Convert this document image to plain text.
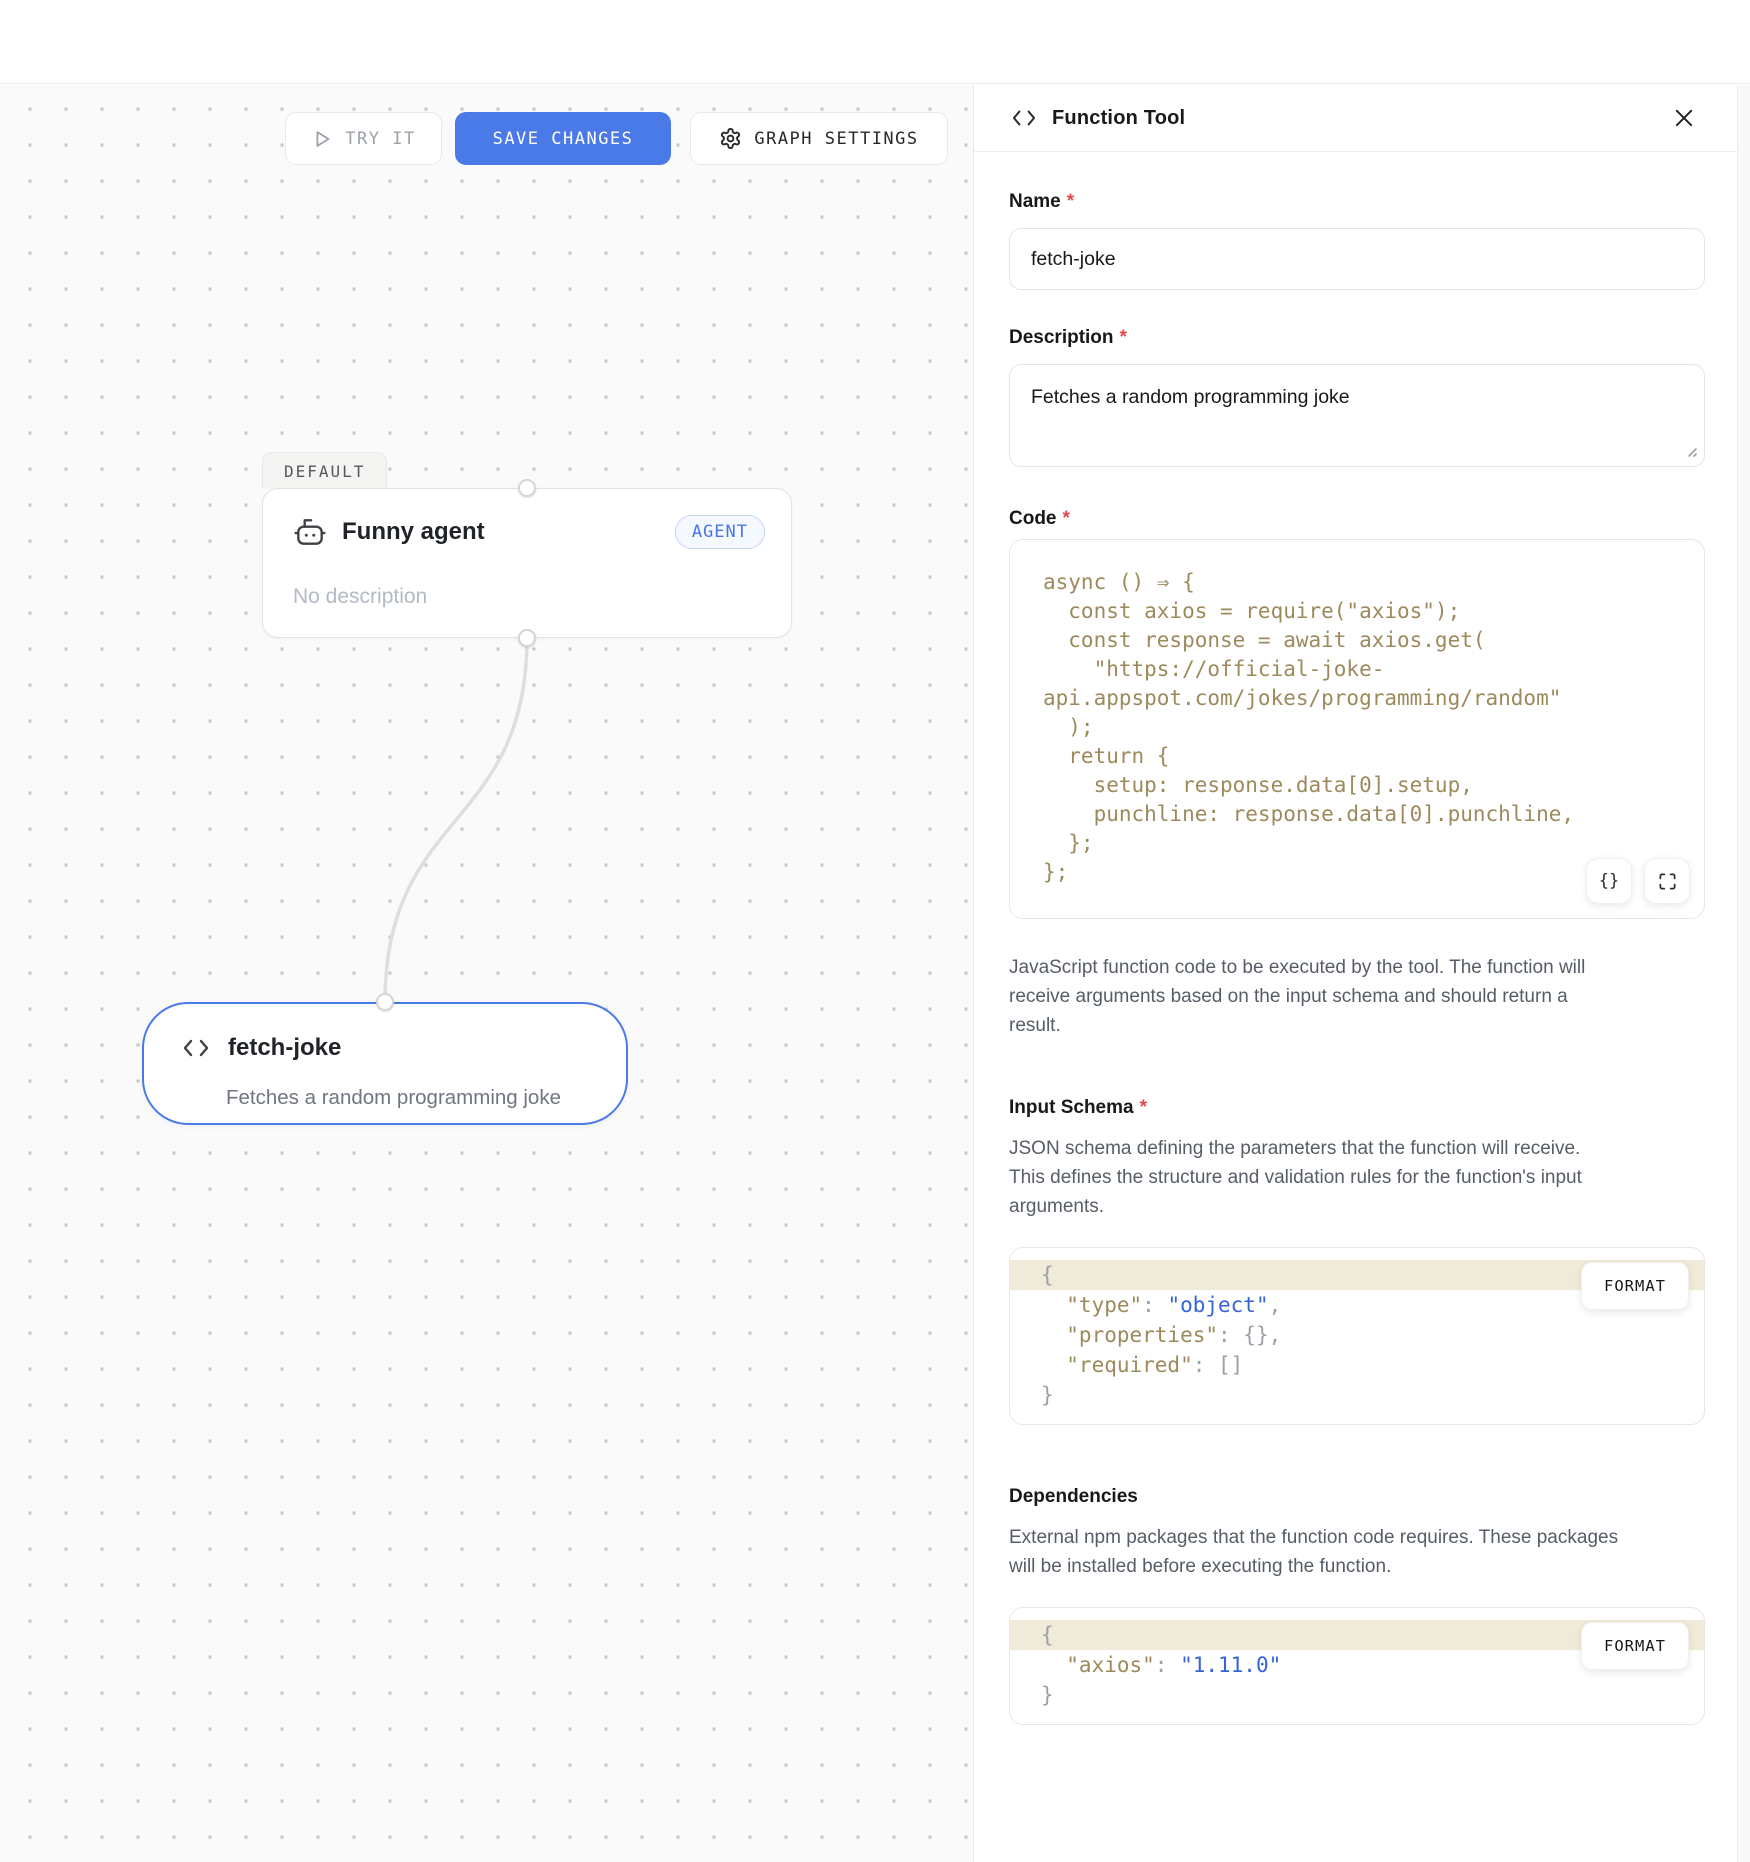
TRY IT	SAVE CHANGES	GRAPH SETTINGS
DEFAULT
Funny agent	AGENT
No description
fetch-joke
Fetches a random programming joke
Function Tool
Name *
fetch-joke
Description *
Fetches a random programming joke
Code *
async () ⇒ {
const axios = require("axios");
const response = await axios.get(
"https://official-joke-
api.appspot.com/jokes/programming/random"
);
return {
setup: response.data[0].setup,
punchline: response.data[0].punchline,
};
};	{}
JavaScript function code to be executed by the tool. The function will receive arguments based on the input schema and should return a result.
Input Schema *
JSON schema defining the parameters that the function will receive. This defines the structure and validation rules for the function's input arguments.
{
"type": "object",
"properties": {},
"required": []
}
FORMAT
Dependencies
External npm packages that the function code requires. These packages will be installed before executing the function.
{
"axios": "1.11.0"
}
FORMAT
